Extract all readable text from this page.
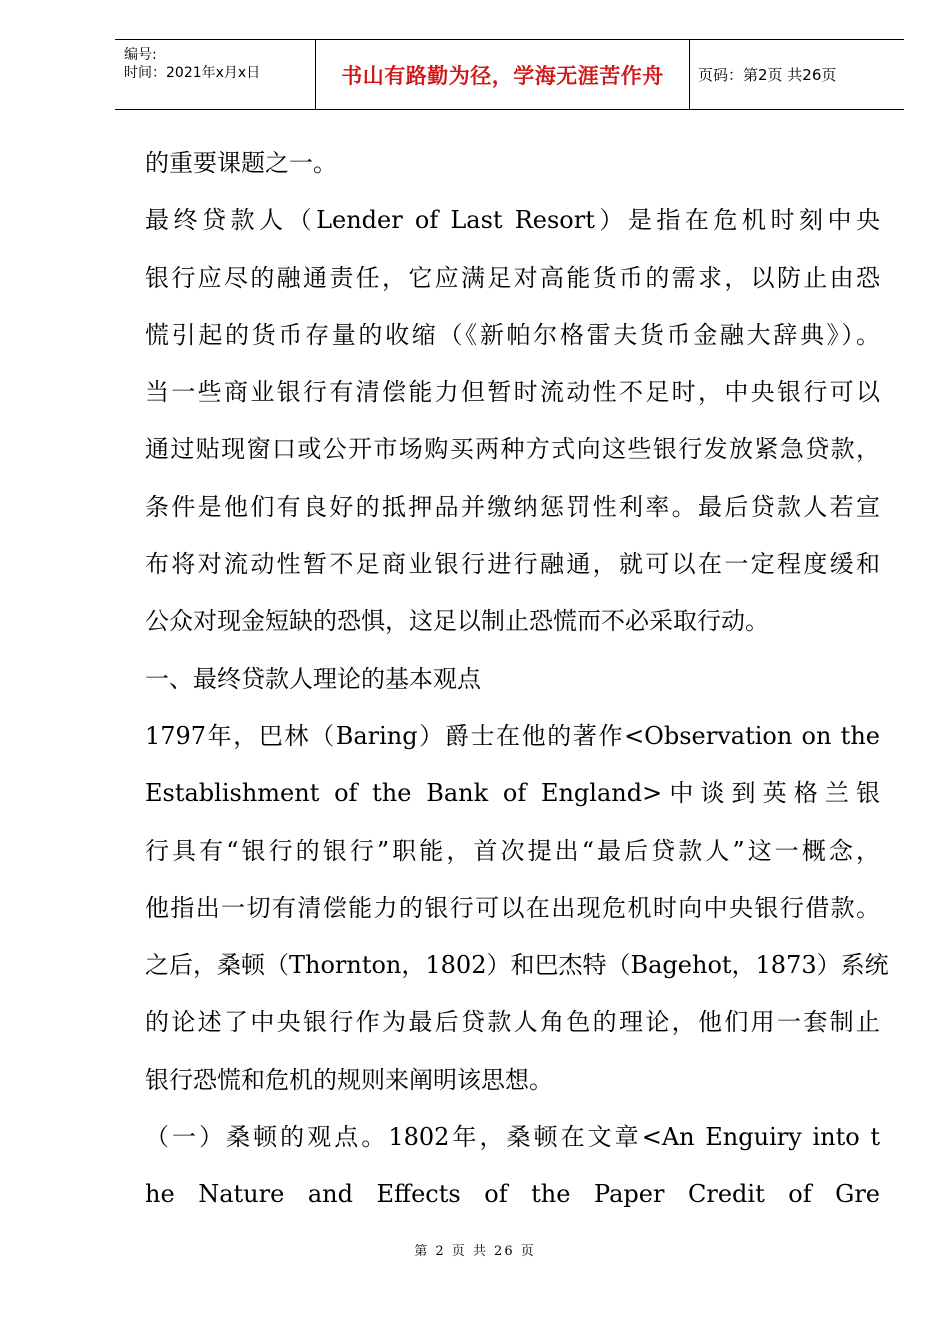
编号:
时间：2021年x月x日	书山有路勤为径，学海无涯苦作舟 页码：第2页 共26页
的重要课题之一。
最终贷款人（Lender of Last Resort）是指在危机时刻中央
银行应尽的融通责任，它应满足对高能货币的需求，以防止由恐
慌引起的货币存量的收缩（《新帕尔格雷夫货币金融大辞典》）。
当一些商业银行有清偿能力但暂时流动性不足时，中央银行可以
通过贴现窗口或公开市场购买两种方式向这些银行发放紧急贷款，
条件是他们有良好的抵押品并缴纳惩罚性利率。最后贷款人若宣
布将对流动性暂不足商业银行进行融通，就可以在一定程度缓和
公众对现金短缺的恐惧，这足以制止恐慌而不必采取行动。
一、最终贷款人理论的基本观点
1797年，巴林（Baring）爵士在他的著作<Observation on the
Establishment of the Bank of England>中谈到英格兰银
行具有“银行的银行”职能，首次提出“最后贷款人”这一概念，
他指出一切有清偿能力的银行可以在出现危机时向中央银行借款。
之后，桑顿（Thornton，1802）和巴杰特（Bagehot，1873）系统
的论述了中央银行作为最后贷款人角色的理论，他们用一套制止
银行恐慌和危机的规则来阐明该思想。
（一）桑顿的观点。1802年，桑顿在文章<An Enguiry into t
he Nature and Effects of the Paper Credit of Gre
第 2 页 共 26 页
